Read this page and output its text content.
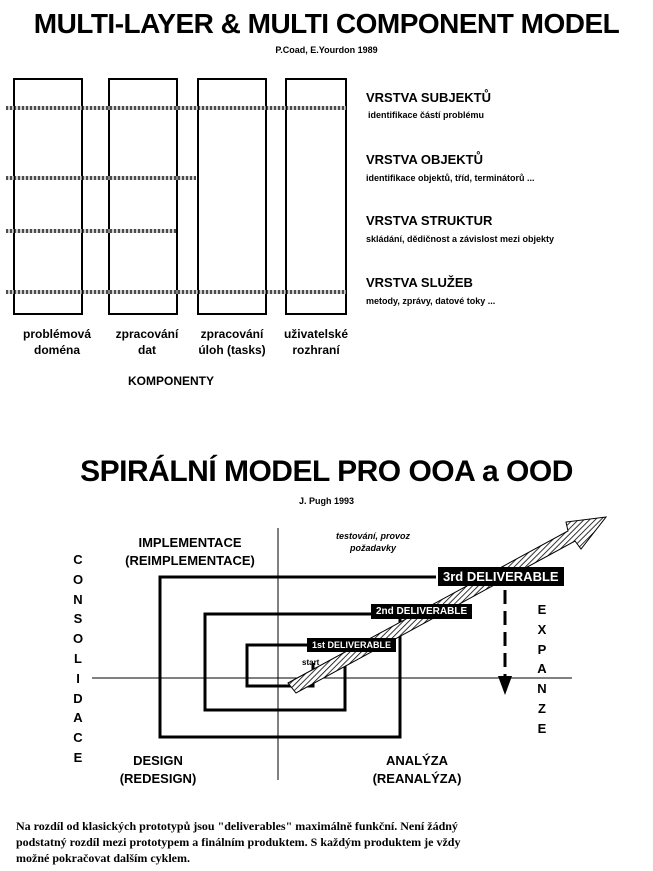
MULTI-LAYER & MULTI COMPONENT MODEL
P.Coad, E.Yourdon 1989
VRSTVA SUBJEKTŮ
identifikace částí problému
VRSTVA OBJEKTŮ
identifikace objektů, tříd, terminátorů ...
VRSTVA STRUKTUR
skládání, dědičnost a závislost mezi objekty
VRSTVA SLUŽEB
metody, zprávy, datové toky ...
problémová
doména
zpracování
dat
zpracování
úloh (tasks)
uživatelské
rozhraní
KOMPONENTY
SPIRÁLNÍ MODEL PRO OOA a OOD
J. Pugh 1993
1st DELIVERABLE
2nd DELIVERABLE
3rd DELIVERABLE
start
IMPLEMENTACE
(REIMPLEMENTACE)
testování, provoz
požadavky
DESIGN
(REDESIGN)
ANALÝZA
(REANALÝZA)
C
O
N
S
O
L
I
D
A
C
E
E
X
P
A
N
Z
E
Na rozdíl od klasických prototypů jsou "deliverables" maximálně funkční. Není žádný
podstatný rozdíl mezi prototypem a finálním produktem. S každým produktem je vždy
možné pokračovat dalším cyklem.
